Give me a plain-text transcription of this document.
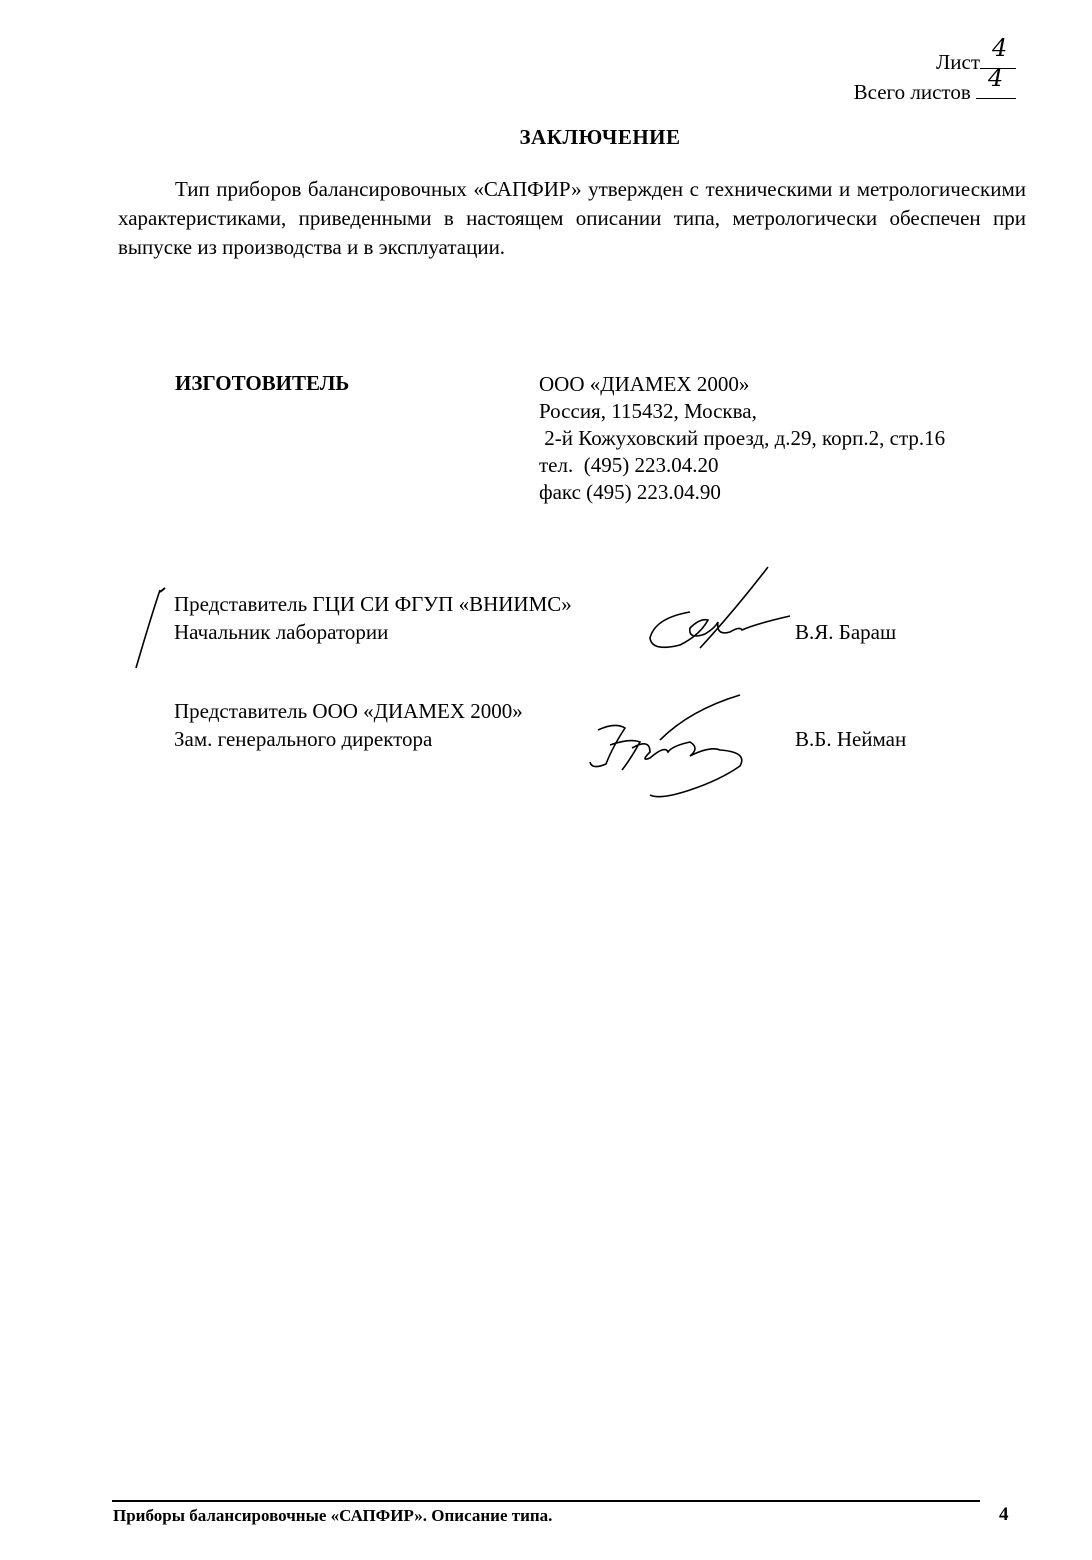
Лист 4
Всего листов 4
ЗАКЛЮЧЕНИЕ
Тип приборов балансировочных «САПФИР» утвержден с техническими и метрологическими характеристиками, приведенными в настоящем описании типа, метрологически обеспечен при выпуске из производства и в эксплуатации.
ИЗГОТОВИТЕЛЬ	ООО «ДИАМЕХ 2000»
Россия, 115432, Москва,
2-й Кожуховский проезд, д.29, корп.2, стр.16
тел.  (495) 223.04.20
факс (495) 223.04.90
Представитель ГЦИ СИ ФГУП «ВНИИМС»
Начальник лаборатории	В.Я. Бараш
Представитель ООО «ДИАМЕХ 2000»
Зам. генерального директора	В.Б. Нейман
Приборы балансировочные «САПФИР». Описание типа.	4
